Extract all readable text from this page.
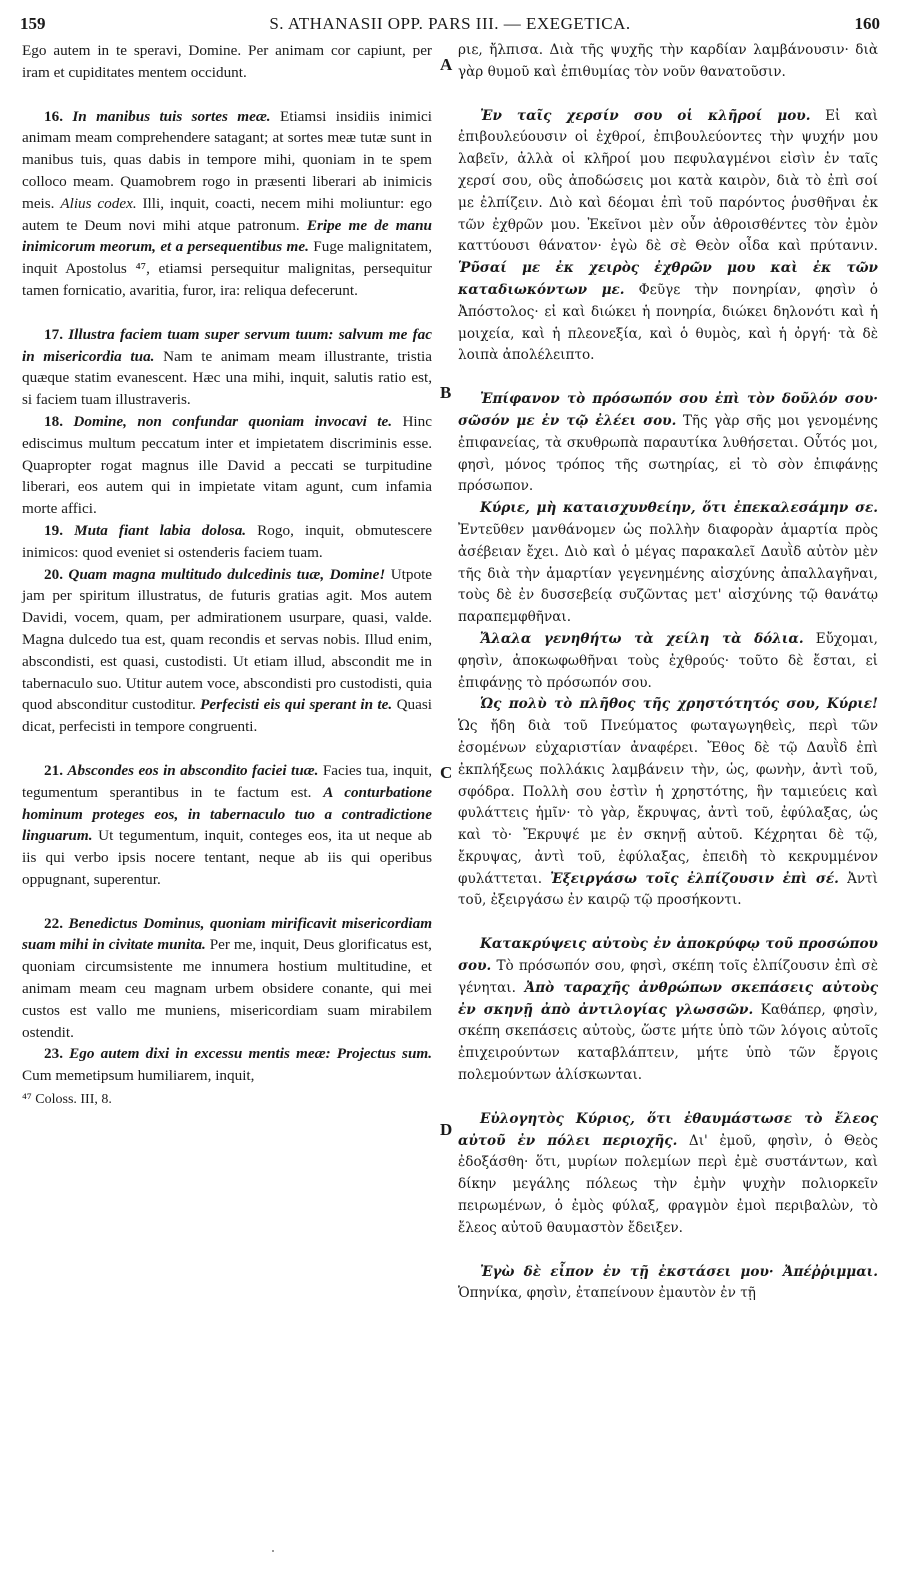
159	S. ATHANASII OPP. PARS III. — EXEGETICA.	160
A
B
C
D

Ego autem in te speravi, Domine. Per animam cor capiunt, per iram et cupiditates mentem occidunt.

16. In manibus tuis sortes meæ. Etiamsi insidiis inimici animam meam comprehendere satagant; at sortes meæ tutæ sunt in manibus tuis, quas dabis in tempore mihi, quoniam in te spem colloco meam. Quamobrem rogo in præsenti liberari ab inimicis meis. Alius codex. Illi, inquit, coacti, necem mihi moliuntur: ego autem te Deum novi mihi atque patronum. Eripe me de manu inimicorum meorum, et a persequentibus me. Fuge malignitatem, inquit Apostolus ⁴⁷, etiamsi persequitur malignitas, persequitur tamen fornicatio, avaritia, furor, ira: reliqua defecerunt.

17. Illustra faciem tuam super servum tuum: salvum me fac in misericordia tua. Nam te animam meam illustrante, tristia quæque statim evanescent. Hæc una mihi, inquit, salutis ratio est, si faciem tuam illustraveris.

18. Domine, non confundar quoniam invocavi te. Hinc ediscimus multum peccatum inter et impietatem discriminis esse. Quapropter rogat magnus ille David a peccati se turpitudine liberari, eos autem qui in impietate vitam agunt, cum infamia morte affici.

19. Muta fiant labia dolosa. Rogo, inquit, obmutescere inimicos: quod eveniet si ostenderis faciem tuam.

20. Quam magna multitudo dulcedinis tuæ, Domine! Utpote jam per spiritum illustratus, de futuris gratias agit. Mos autem Davidi, vocem, quam, per admirationem usurpare, quasi, valde. Magna dulcedo tua est, quam recondis et servas nobis. Illud enim, abscondisti, est quasi, custodisti. Ut etiam illud, abscondit me in tabernaculo suo. Utitur autem voce, abscondisti pro custodisti, quia quod absconditur custoditur. Perfecisti eis qui sperant in te. Quasi dicat, perfecisti in tempore congruenti.

21. Abscondes eos in abscondito faciei tuæ. Facies tua, inquit, tegumentum sperantibus in te factum est. A conturbatione hominum proteges eos, in tabernaculo tuo a contradictione linguarum. Ut tegumentum, inquit, conteges eos, ita ut neque ab iis qui verbo ipsis nocere tentant, neque ab iis qui operibus oppugnant, superentur.

22. Benedictus Dominus, quoniam mirificavit misericordiam suam mihi in civitate munita. Per me, inquit, Deus glorificatus est, quoniam circumsistente me innumera hostium multitudine, et animam meam ceu magnam urbem obsidere conante, qui mei custos est vallo me muniens, misericordiam suam mirabilem ostendit.

23. Ego autem dixi in excessu mentis meæ: Projectus sum. Cum memetipsum humiliarem, inquit,

⁴⁷ Coloss. III, 8.

ριε, ἤλπισα. Διὰ τῆς ψυχῆς τὴν καρδίαν λαμβάνουσιν· διὰ γὰρ θυμοῦ καὶ ἐπιθυμίας τὸν νοῦν θανατοῦσιν.

Ἐν ταῖς χερσίν σου οἱ κλῆροί μου. Εἰ καὶ ἐπιβουλεύουσιν οἱ ἐχθροί, ἐπιβουλεύοντες τὴν ψυχήν μου λαβεῖν, ἀλλὰ οἱ κλῆροί μου πεφυλαγμένοι εἰσὶν ἐν ταῖς χερσί σου, οὓς ἀποδώσεις μοι κατὰ καιρὸν, διὰ τὸ ἐπὶ σοί με ἐλπίζειν. Διὸ καὶ δέομαι ἐπὶ τοῦ παρόντος ῥυσθῆναι ἐκ τῶν ἐχθρῶν μου. Ἐκεῖνοι μὲν οὖν ἀθροισθέντες τὸν ἐμὸν καττύουσι θάνατον· ἐγὼ δὲ σὲ Θεὸν οἶδα καὶ πρύτανιν. Ῥῦσαί με ἐκ χειρὸς ἐχθρῶν μου καὶ ἐκ τῶν καταδιωκόντων με. Φεῦγε τὴν πονηρίαν, φησὶν ὁ Ἀπόστολος· εἰ καὶ διώκει ἡ πονηρία, διώκει δηλονότι καὶ ἡ μοιχεία, καὶ ἡ πλεονεξία, καὶ ὁ θυμὸς, καὶ ἡ ὀργή· τὰ δὲ λοιπὰ ἀπολέλειπτο.

Ἐπίφανον τὸ πρόσωπόν σου ἐπὶ τὸν δοῦλόν σου· σῶσόν με ἐν τῷ ἐλέει σου. Τῆς γὰρ σῆς μοι γενομένης ἐπιφανείας, τὰ σκυθρωπὰ παραυτίκα λυθήσεται. Οὗτός μοι, φησὶ, μόνος τρόπος τῆς σωτηρίας, εἰ τὸ σὸν ἐπιφάνῃς πρόσωπον.

Κύριε, μὴ καταισχυνθείην, ὅτι ἐπεκαλεσάμην σε. Ἐντεῦθεν μανθάνομεν ὡς πολλὴν διαφορὰν ἁμαρτία πρὸς ἀσέβειαν ἔχει. Διὸ καὶ ὁ μέγας παρακαλεῖ Δαυῒδ αὐτὸν μὲν τῆς διὰ τὴν ἁμαρτίαν γεγενημένης αἰσχύνης ἀπαλλαγῆναι, τοὺς δὲ ἐν δυσσεβείᾳ συζῶντας μετ' αἰσχύνης τῷ θανάτῳ παραπεμφθῆναι.

Ἄλαλα γενηθήτω τὰ χείλη τὰ δόλια. Εὔχομαι, φησὶν, ἀποκωφωθῆναι τοὺς ἐχθρούς· τοῦτο δὲ ἔσται, εἰ ἐπιφάνῃς τὸ πρόσωπόν σου.

Ὡς πολὺ τὸ πλῆθος τῆς χρηστότητός σου, Κύριε! Ὡς ἤδη διὰ τοῦ Πνεύματος φωταγωγηθεὶς, περὶ τῶν ἐσομένων εὐχαριστίαν ἀναφέρει. Ἔθος δὲ τῷ Δαυῒδ ἐπὶ ἐκπλήξεως πολλάκις λαμβάνειν τὴν, ὡς, φωνὴν, ἀντὶ τοῦ, σφόδρα. Πολλὴ σου ἐστὶν ἡ χρηστότης, ἣν ταμιεύεις καὶ φυλάττεις ἡμῖν· τὸ γὰρ, ἔκρυψας, ἀντὶ τοῦ, ἐφύλαξας, ὡς καὶ τὸ· Ἔκρυψέ με ἐν σκηνῇ αὐτοῦ. Κέχρηται δὲ τῷ, ἔκρυψας, ἀντὶ τοῦ, ἐφύλαξας, ἐπειδὴ τὸ κεκρυμμένον φυλάττεται. Ἐξειργάσω τοῖς ἐλπίζουσιν ἐπὶ σέ. Ἀντὶ τοῦ, ἐξειργάσω ἐν καιρῷ τῷ προσήκοντι.

Κατακρύψεις αὐτοὺς ἐν ἀποκρύφῳ τοῦ προσώπου σου. Τὸ πρόσωπόν σου, φησὶ, σκέπη τοῖς ἐλπίζουσιν ἐπὶ σὲ γένηται. Ἀπὸ ταραχῆς ἀνθρώπων σκεπάσεις αὐτοὺς ἐν σκηνῇ ἀπὸ ἀντιλογίας γλωσσῶν. Καθάπερ, φησὶν, σκέπη σκεπάσεις αὐτοὺς, ὥστε μήτε ὑπὸ τῶν λόγοις αὐτοῖς ἐπιχειρούντων καταβλάπτειν, μήτε ὑπὸ τῶν ἔργοις πολεμούντων ἁλίσκωνται.

Εὐλογητὸς Κύριος, ὅτι ἐθαυμάστωσε τὸ ἔλεος αὐτοῦ ἐν πόλει περιοχῆς. Δι' ἐμοῦ, φησὶν, ὁ Θεὸς ἐδοξάσθη· ὅτι, μυρίων πολεμίων περὶ ἐμὲ συστάντων, καὶ δίκην μεγάλης πόλεως τὴν ἐμὴν ψυχὴν πολιορκεῖν πειρωμένων, ὁ ἐμὸς φύλαξ, φραγμὸν ἐμοὶ περιβαλὼν, τὸ ἔλεος αὐτοῦ θαυμαστὸν ἔδειξεν.

Ἐγὼ δὲ εἶπον ἐν τῇ ἐκστάσει μου· Ἀπέῤῥιμμαι. Ὁπηνίκα, φησὶν, ἐταπείνουν ἐμαυτὸν ἐν τῇ
